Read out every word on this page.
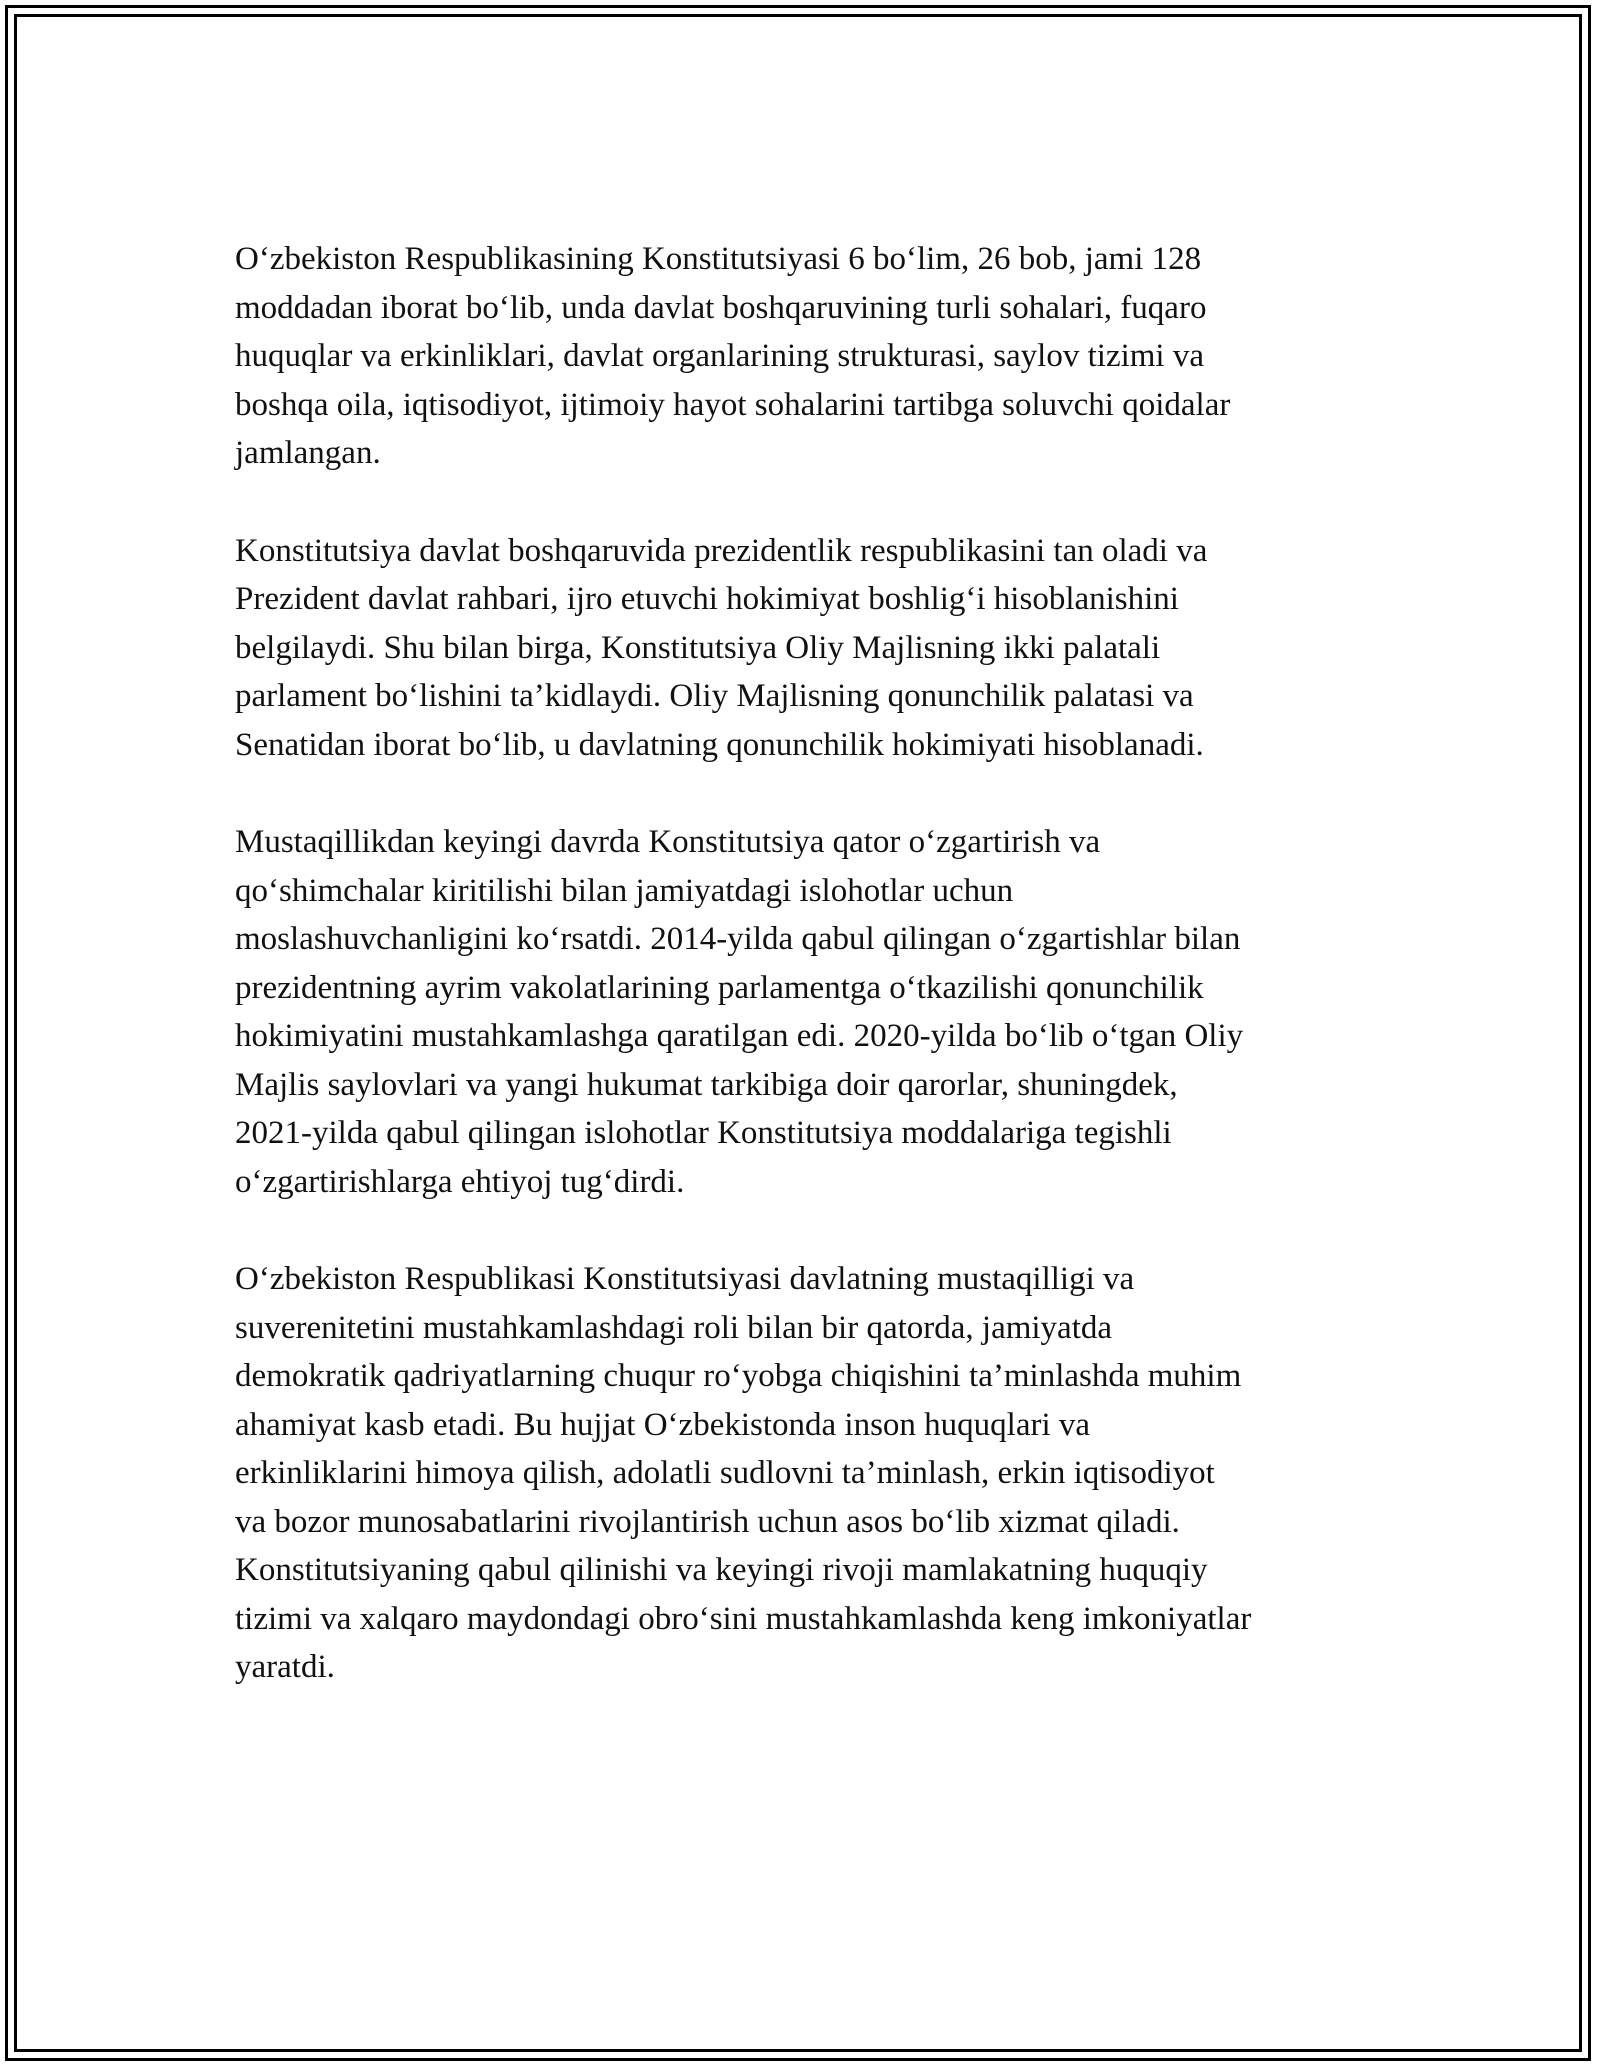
O‘zbekiston Respublikasining Konstitutsiyasi 6 bo‘lim, 26 bob, jami 128
moddadan iborat bo‘lib, unda davlat boshqaruvining turli sohalari, fuqaro
huquqlar va erkinliklari, davlat organlarining strukturasi, saylov tizimi va
boshqa oila, iqtisodiyot, ijtimoiy hayot sohalarini tartibga soluvchi qoidalar
jamlangan.

Konstitutsiya davlat boshqaruvida prezidentlik respublikasini tan oladi va
Prezident davlat rahbari, ijro etuvchi hokimiyat boshlig‘i hisoblanishini
belgilaydi. Shu bilan birga, Konstitutsiya Oliy Majlisning ikki palatali
parlament bo‘lishini ta’kidlaydi. Oliy Majlisning qonunchilik palatasi va
Senatidan iborat bo‘lib, u davlatning qonunchilik hokimiyati hisoblanadi.

Mustaqillikdan keyingi davrda Konstitutsiya qator o‘zgartirish va
qo‘shimchalar kiritilishi bilan jamiyatdagi islohotlar uchun
moslashuvchanligini ko‘rsatdi. 2014-yilda qabul qilingan o‘zgartishlar bilan
prezidentning ayrim vakolatlarining parlamentga o‘tkazilishi qonunchilik
hokimiyatini mustahkamlashga qaratilgan edi. 2020-yilda bo‘lib o‘tgan Oliy
Majlis saylovlari va yangi hukumat tarkibiga doir qarorlar, shuningdek,
2021-yilda qabul qilingan islohotlar Konstitutsiya moddalariga tegishli
o‘zgartirishlarga ehtiyoj tug‘dirdi.

O‘zbekiston Respublikasi Konstitutsiyasi davlatning mustaqilligi va
suverenitetini mustahkamlashdagi roli bilan bir qatorda, jamiyatda
demokratik qadriyatlarning chuqur ro‘yobga chiqishini ta’minlashda muhim
ahamiyat kasb etadi. Bu hujjat O‘zbekistonda inson huquqlari va
erkinliklarini himoya qilish, adolatli sudlovni ta’minlash, erkin iqtisodiyot
va bozor munosabatlarini rivojlantirish uchun asos bo‘lib xizmat qiladi.
Konstitutsiyaning qabul qilinishi va keyingi rivoji mamlakatning huquqiy
tizimi va xalqaro maydondagi obro‘sini mustahkamlashda keng imkoniyatlar
yaratdi.
